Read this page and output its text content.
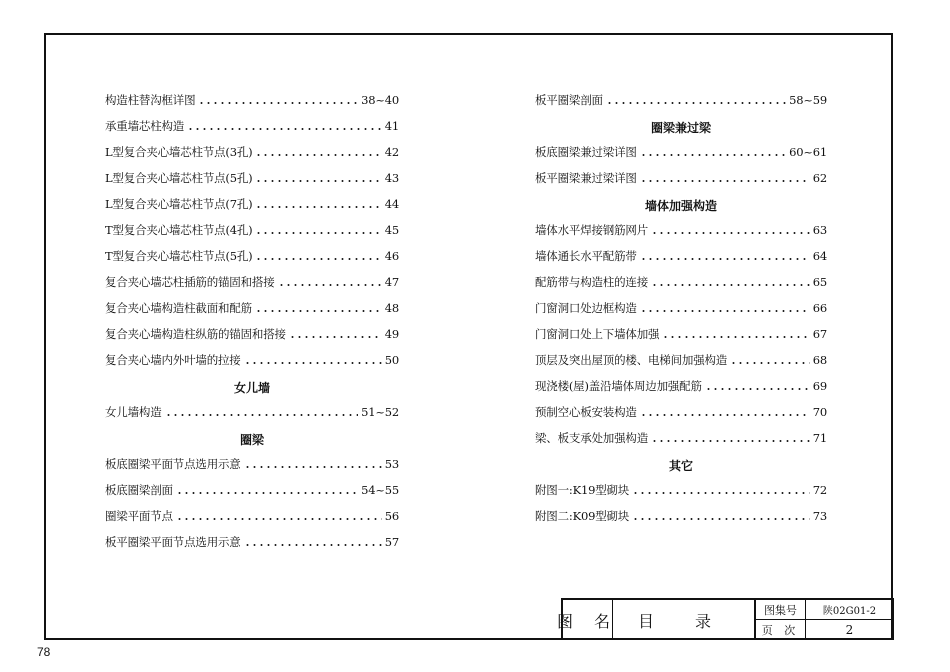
构造柱替沟框详图	38~40
承重墙芯柱构造	41
L型复合夹心墙芯柱节点(3孔)	42
L型复合夹心墙芯柱节点(5孔)	43
L型复合夹心墙芯柱节点(7孔)	44
T型复合夹心墙芯柱节点(4孔)	45
T型复合夹心墙芯柱节点(5孔)	46
复合夹心墙芯柱插筋的锚固和搭接	47
复合夹心墙构造柱截面和配筋	48
复合夹心墙构造柱纵筋的锚固和搭接	49
复合夹心墙内外叶墙的拉接	50
女儿墙
女儿墙构造	51~52
圈梁
板底圈梁平面节点选用示意	53
板底圈梁剖面	54~55
圈梁平面节点	56
板平圈梁平面节点选用示意	57
板平圈梁剖面	58~59
圈梁兼过梁
板底圈梁兼过梁详图	60~61
板平圈梁兼过梁详图	62
墙体加强构造
墙体水平焊接钢筋网片	63
墙体通长水平配筋带	64
配筋带与构造柱的连接	65
门窗洞口处边框构造	66
门窗洞口处上下墙体加强	67
顶层及突出屋顶的楼、电梯间加强构造	68
现浇楼(屋)盖沿墙体周边加强配筋	69
预制空心板安装构造	70
梁、板支承处加强构造	71
其它
附图一:K19型砌块	72
附图二:K09型砌块	73
图 名	目 录
图集号	陕02G01-2
页 次	2
78
